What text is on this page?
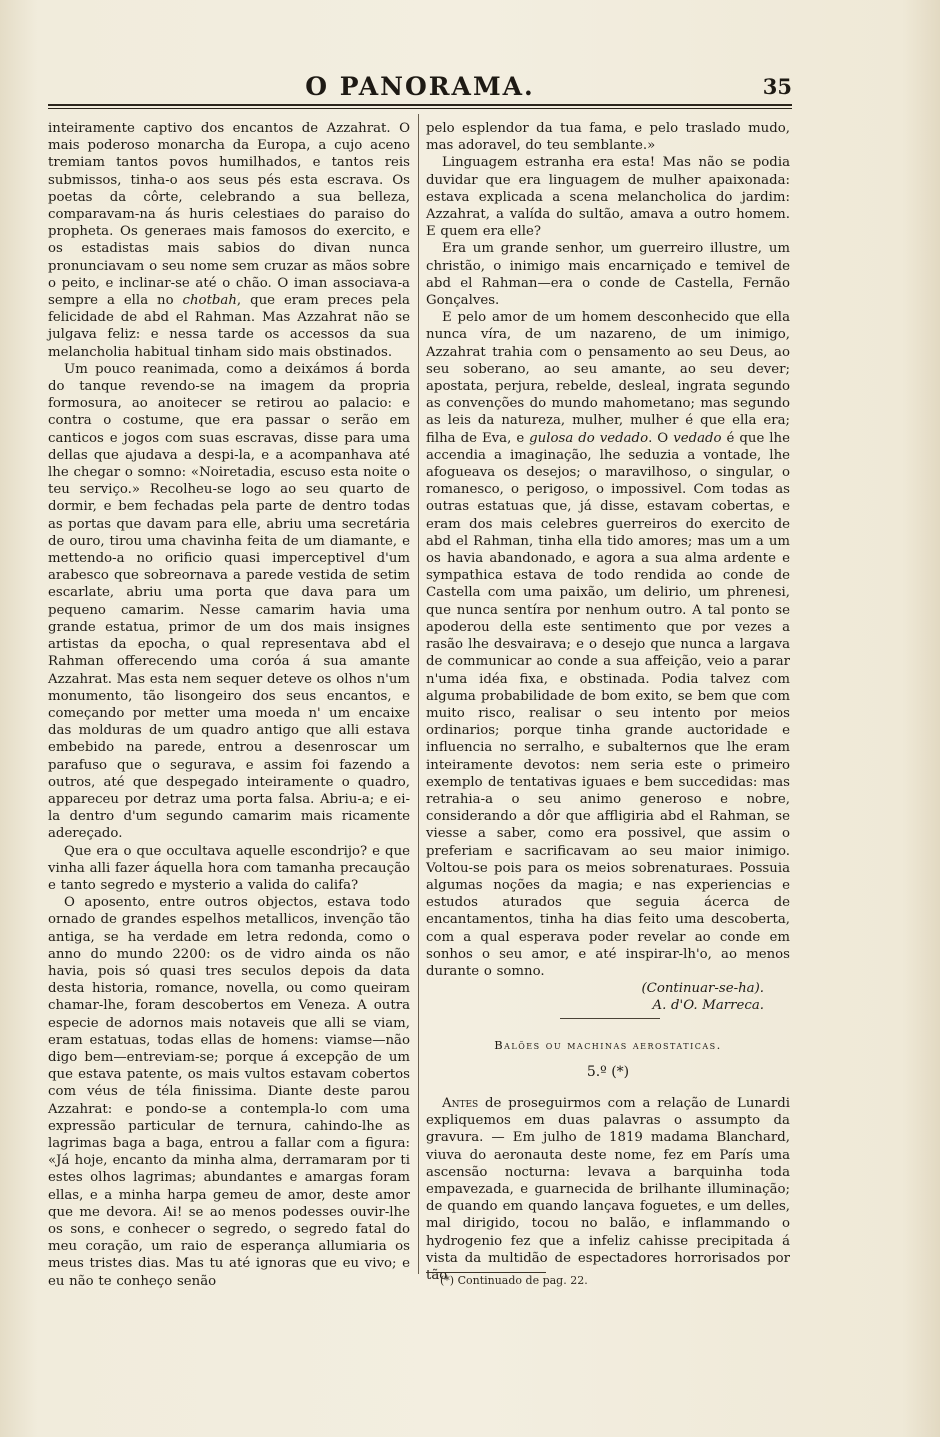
O PANORAMA.	35

inteiramente captivo dos encantos de Azzahrat. O mais poderoso monarcha da Europa, a cujo aceno tremiam tantos povos humilhados, e tantos reis submissos, tinha-o aos seus pés esta escrava. Os poetas da côrte, celebrando a sua belleza, comparavam-na ás huris celestiaes do paraiso do propheta. Os generaes mais famosos do exercito, e os estadistas mais sabios do divan nunca pronunciavam o seu nome sem cruzar as mãos sobre o peito, e inclinar-se até o chão. O iman associava-a sempre a ella no chotbah, que eram preces pela felicidade de abd el Rahman. Mas Azzahrat não se julgava feliz: e nessa tarde os accessos da sua melancholia habitual tinham sido mais obstinados.

Um pouco reanimada, como a deixámos á borda do tanque revendo-se na imagem da propria formosura, ao anoitecer se retirou ao palacio: e contra o costume, que era passar o serão em canticos e jogos com suas escravas, disse para uma dellas que ajudava a despi-la, e a acompanhava até lhe chegar o somno: «Noiretadia, escuso esta noite o teu serviço.» Recolheu-se logo ao seu quarto de dormir, e bem fechadas pela parte de dentro todas as portas que davam para elle, abriu uma secretária de ouro, tirou uma chavinha feita de um diamante, e mettendo-a no orificio quasi imperceptivel d'um arabesco que sobreornava a parede vestida de setim escarlate, abriu uma porta que dava para um pequeno camarim. Nesse camarim havia uma grande estatua, primor de um dos mais insignes artistas da epocha, o qual representava abd el Rahman offerecendo uma coróa á sua amante Azzahrat. Mas esta nem sequer deteve os olhos n'um monumento, tão lisongeiro dos seus encantos, e começando por metter uma moeda n' um encaixe das molduras de um quadro antigo que alli estava embebido na parede, entrou a desenroscar um parafuso que o segurava, e assim foi fazendo a outros, até que despegado inteiramente o quadro, appareceu por detraz uma porta falsa. Abriu-a; e ei-la dentro d'um segundo camarim mais ricamente adereçado.

Que era o que occultava aquelle escondrijo? e que vinha alli fazer áquella hora com tamanha precaução e tanto segredo e mysterio a valida do califa?

O aposento, entre outros objectos, estava todo ornado de grandes espelhos metallicos, invenção tão antiga, se ha verdade em letra redonda, como o anno do mundo 2200: os de vidro ainda os não havia, pois só quasi tres seculos depois da data desta historia, romance, novella, ou como queiram chamar-lhe, foram descobertos em Veneza. A outra especie de adornos mais notaveis que alli se viam, eram estatuas, todas ellas de homens: viamse—não digo bem—entreviam-se; porque á excepção de um que estava patente, os mais vultos estavam cobertos com véus de téla finissima. Diante deste parou Azzahrat: e pondo-se a contempla-lo com uma expressão particular de ternura, cahindo-lhe as lagrimas baga a baga, entrou a fallar com a figura: «Já hoje, encanto da minha alma, derramaram por ti estes olhos lagrimas; abundantes e amargas foram ellas, e a minha harpa gemeu de amor, deste amor que me devora. Ai! se ao menos podesses ouvir-lhe os sons, e conhecer o segredo, o segredo fatal do meu coração, um raio de esperança allumiaria os meus tristes dias. Mas tu até ignoras que eu vivo; e eu não te conheço senão

pelo esplendor da tua fama, e pelo traslado mudo, mas adoravel, do teu semblante.»

Linguagem estranha era esta! Mas não se podia duvidar que era linguagem de mulher apaixonada: estava explicada a scena melancholica do jardim: Azzahrat, a valída do sultão, amava a outro homem. E quem era elle?

Era um grande senhor, um guerreiro illustre, um christão, o inimigo mais encarniçado e temivel de abd el Rahman—era o conde de Castella, Fernão Gonçalves.

E pelo amor de um homem desconhecido que ella nunca víra, de um nazareno, de um inimigo, Azzahrat trahia com o pensamento ao seu Deus, ao seu soberano, ao seu amante, ao seu dever; apostata, perjura, rebelde, desleal, ingrata segundo as convenções do mundo mahometano; mas segundo as leis da natureza, mulher, mulher é que ella era; filha de Eva, e gulosa do vedado. O vedado é que lhe accendia a imaginação, lhe seduzia a vontade, lhe afogueava os desejos; o maravilhoso, o singular, o romanesco, o perigoso, o impossivel. Com todas as outras estatuas que, já disse, estavam cobertas, e eram dos mais celebres guerreiros do exercito de abd el Rahman, tinha ella tido amores; mas um a um os havia abandonado, e agora a sua alma ardente e sympathica estava de todo rendida ao conde de Castella com uma paixão, um delirio, um phrenesi, que nunca sentíra por nenhum outro. A tal ponto se apoderou della este sentimento que por vezes a rasão lhe desvairava; e o desejo que nunca a largava de communicar ao conde a sua affeição, veio a parar n'uma idéa fixa, e obstinada. Podia talvez com alguma probabilidade de bom exito, se bem que com muito risco, realisar o seu intento por meios ordinarios; porque tinha grande auctoridade e influencia no serralho, e subalternos que lhe eram inteiramente devotos: nem seria este o primeiro exemplo de tentativas iguaes e bem succedidas: mas retrahia-a o seu animo generoso e nobre, considerando a dôr que affligiria abd el Rahman, se viesse a saber, como era possivel, que assim o preferiam e sacrificavam ao seu maior inimigo. Voltou-se pois para os meios sobrenaturaes. Possuia algumas noções da magia; e nas experiencias e estudos aturados que seguia ácerca de encantamentos, tinha ha dias feito uma descoberta, com a qual esperava poder revelar ao conde em sonhos o seu amor, e até inspirar-lh'o, ao menos durante o somno.

(Continuar-se-ha).
A. d'O. Marreca.
Balões ou machinas aerostaticas.
5.º (*)

Antes de proseguirmos com a relação de Lunardi expliquemos em duas palavras o assumpto da gravura. — Em julho de 1819 madama Blanchard, viuva do aeronauta deste nome, fez em París uma ascensão nocturna: levava a barquinha toda empavezada, e guarnecida de brilhante illuminação; de quando em quando lançava foguetes, e um delles, mal dirigido, tocou no balão, e inflammando o hydrogenio fez que a infeliz cahisse precipitada á vista da multidão de espectadores horrorisados por tão

(*) Continuado de pag. 22.
